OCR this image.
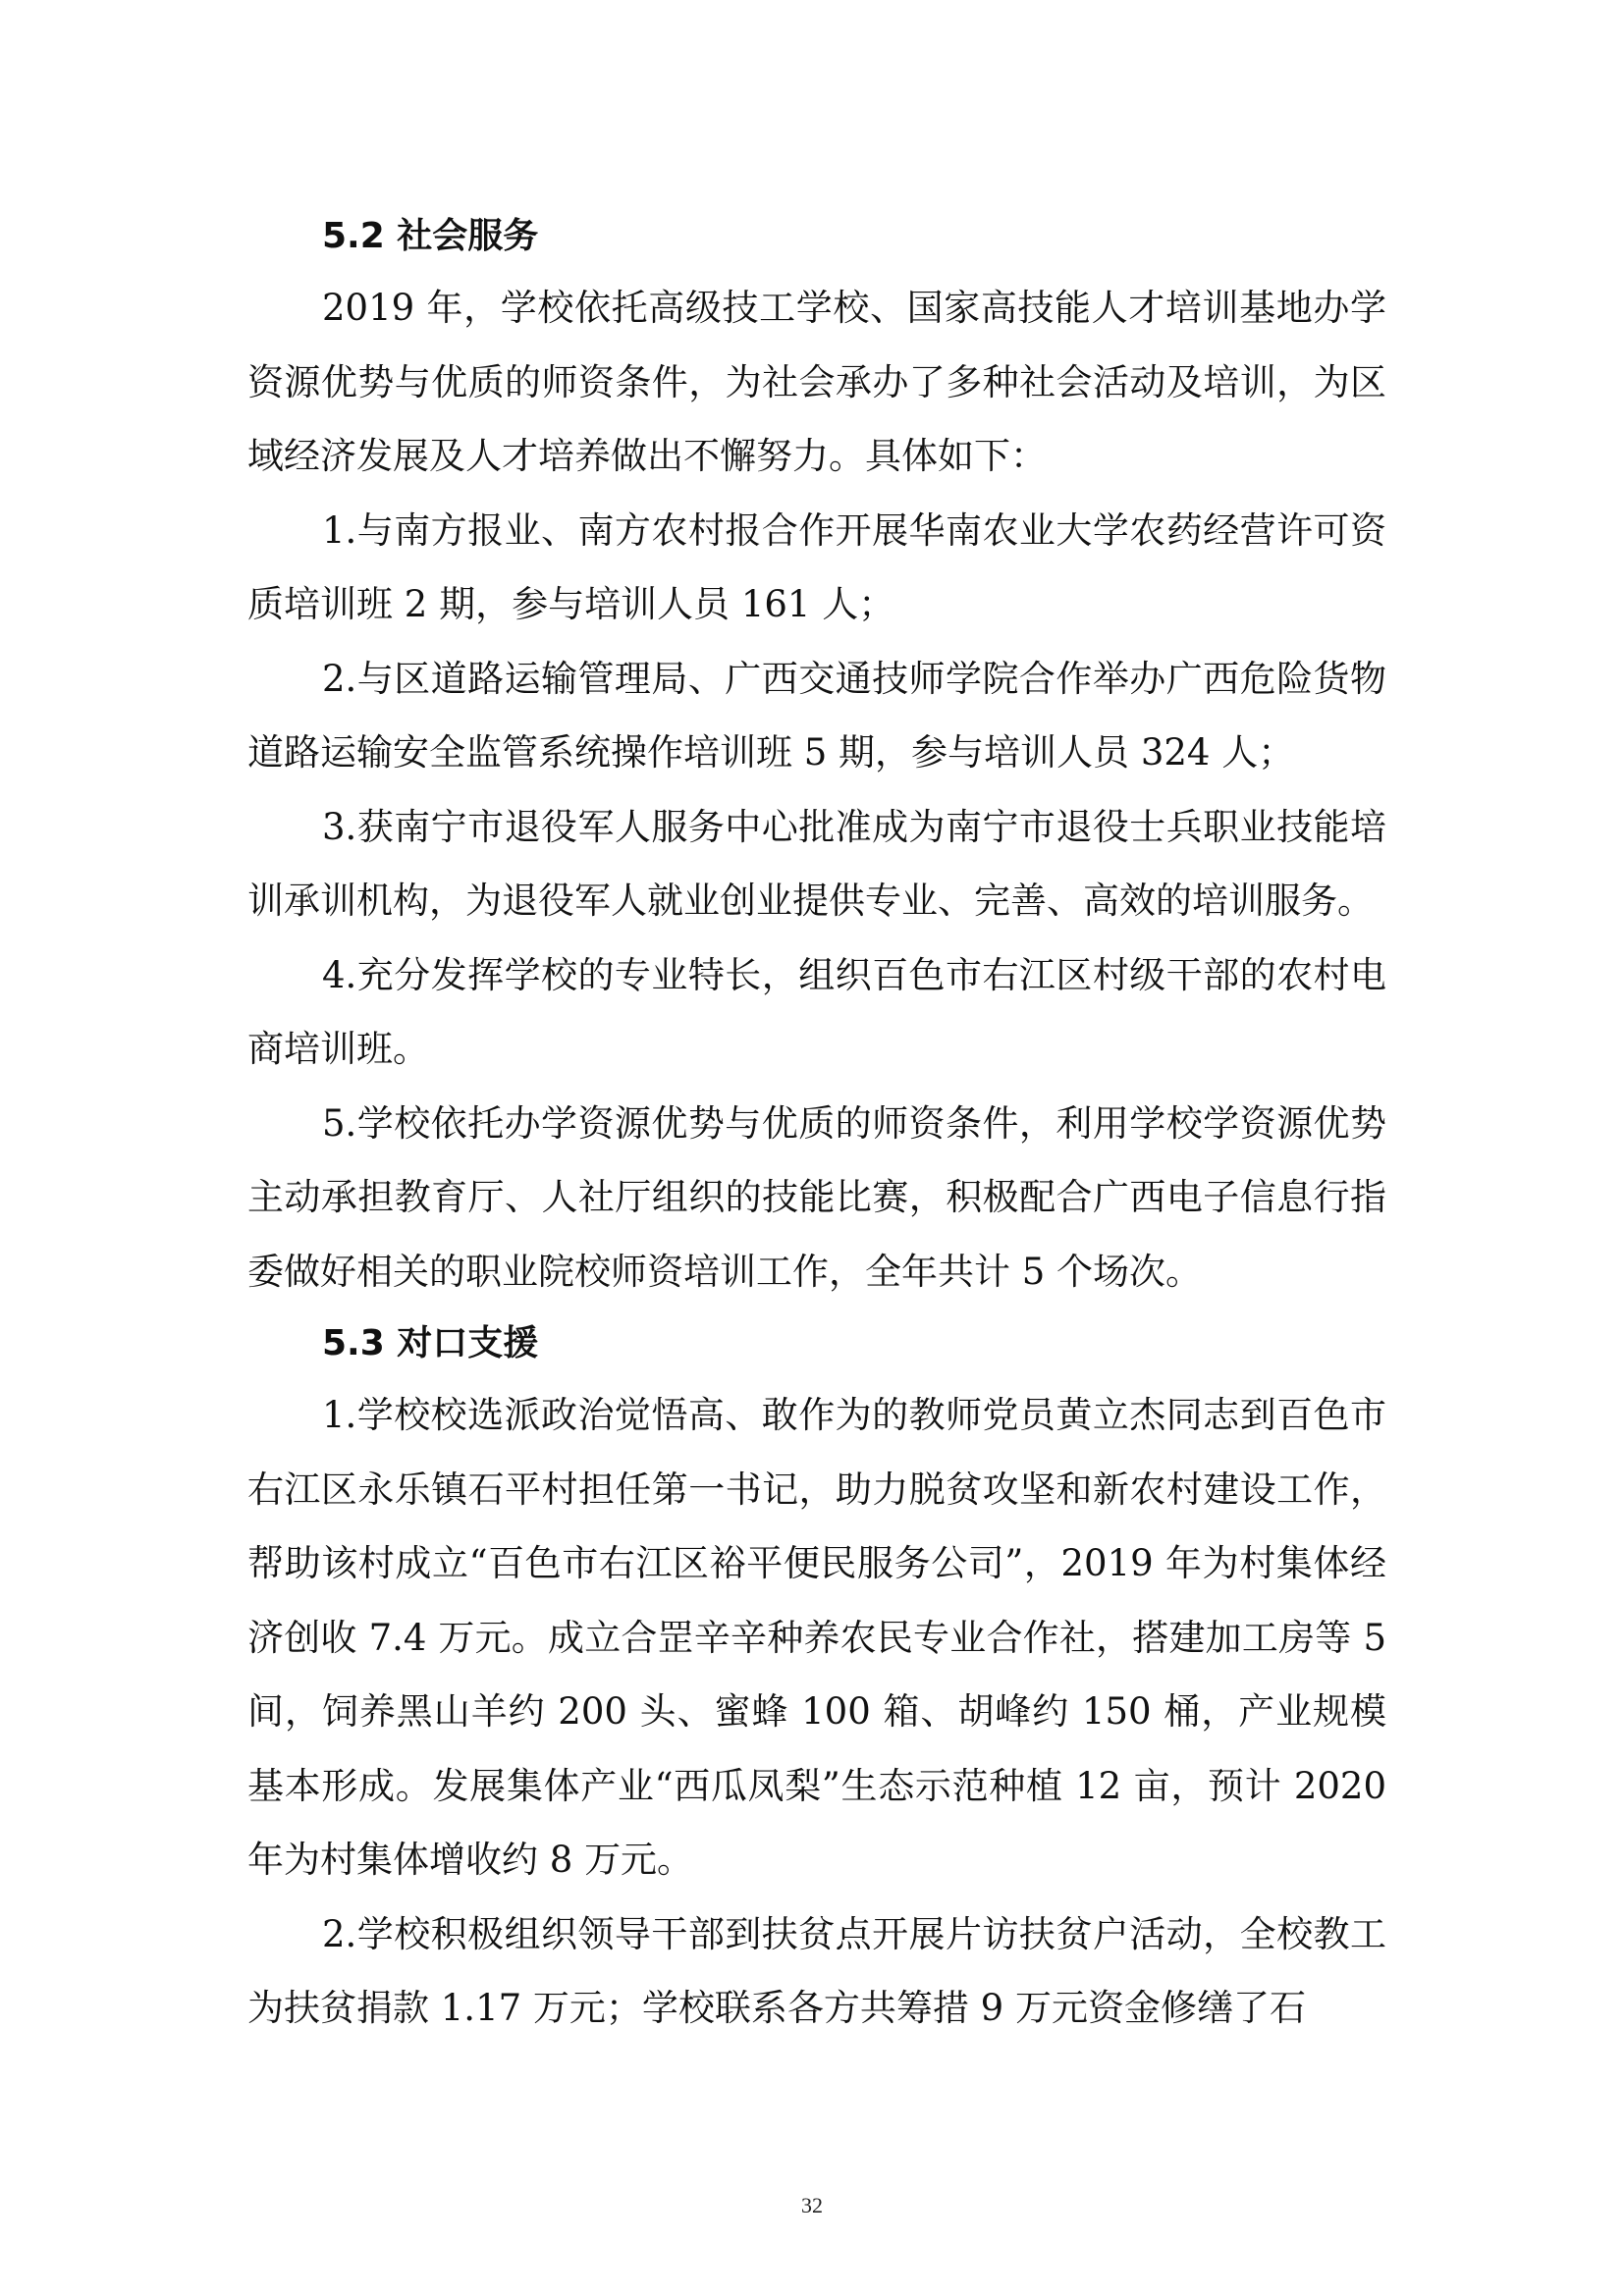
5.2 社会服务

2019 年，学校依托高级技工学校、国家高技能人才培训基地办学资源优势与优质的师资条件，为社会承办了多种社会活动及培训，为区域经济发展及人才培养做出不懈努力。具体如下：

1.与南方报业、南方农村报合作开展华南农业大学农药经营许可资质培训班 2 期，参与培训人员 161 人；

2.与区道路运输管理局、广西交通技师学院合作举办广西危险货物道路运输安全监管系统操作培训班 5 期，参与培训人员 324 人；

3.获南宁市退役军人服务中心批准成为南宁市退役士兵职业技能培训承训机构，为退役军人就业创业提供专业、完善、高效的培训服务。

4.充分发挥学校的专业特长，组织百色市右江区村级干部的农村电商培训班。

5.学校依托办学资源优势与优质的师资条件，利用学校学资源优势主动承担教育厅、人社厅组织的技能比赛，积极配合广西电子信息行指委做好相关的职业院校师资培训工作，全年共计 5 个场次。

5.3 对口支援

1.学校校选派政治觉悟高、敢作为的教师党员黄立杰同志到百色市右江区永乐镇石平村担任第一书记，助力脱贫攻坚和新农村建设工作，帮助该村成立“百色市右江区裕平便民服务公司”，2019 年为村集体经济创收 7.4 万元。成立合罡辛辛种养农民专业合作社，搭建加工房等 5 间，饲养黑山羊约 200 头、蜜蜂 100 箱、胡峰约 150 桶，产业规模基本形成。发展集体产业“西瓜凤梨”生态示范种植 12 亩，预计 2020 年为村集体增收约 8 万元。

2.学校积极组织领导干部到扶贫点开展片访扶贫户活动，全校教工为扶贫捐款 1.17 万元；学校联系各方共筹措 9 万元资金修缮了石

32
